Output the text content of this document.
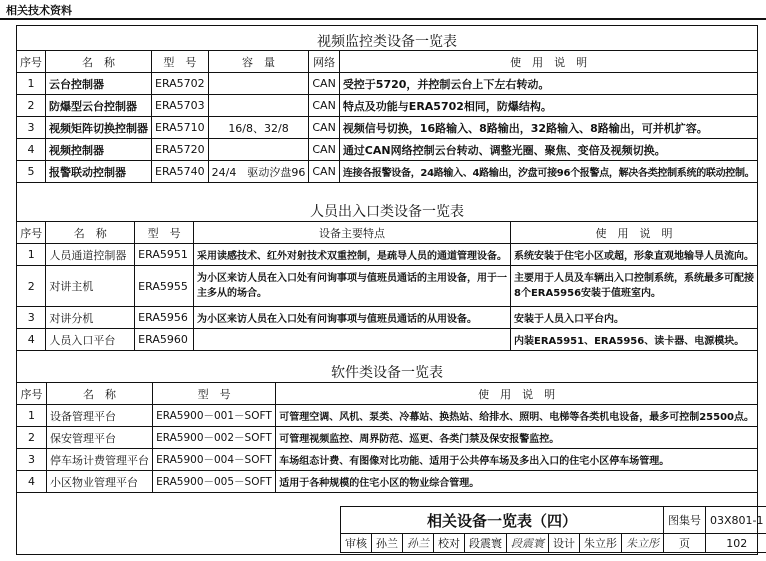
相关技术资料
视频监控类设备一览表
序号	名　称	型　号	容　量	网络	使　用　说　明
1	云台控制器	ERA5702		CAN	受控于5720，并控制云台上下左右转动。
2	防爆型云台控制器	ERA5703		CAN	特点及功能与ERA5702相同，防爆结构。
3	视频矩阵切换控制器	ERA5710	16/8、32/8	CAN	视频信号切换，16路输入、8路输出，32路输入、8路输出，可并机扩容。
4	视频控制器	ERA5720		CAN	通过CAN网络控制云台转动、调整光圈、聚焦、变倍及视频切换。
5	报警联动控制器	ERA5740	24/4　驱动汐盘96	CAN	连接各报警设备，24路输入、4路输出，汐盘可接96个报警点，解决各类控制系统的联动控制。
人员出入口类设备一览表
序号	名　称	型　号	设备主要特点	使　用　说　明
1	人员通道控制器	ERA5951	采用读感技术、红外对射技术双重控制，是疏导人员的通道管理设备。	系统安装于住宅小区或超，形象直观地输导人员流向。
2	对讲主机	ERA5955	为小区来访人员在入口处有问询事项与值班员通话的主用设备，用于一主多从的场合。	主要用于人员及车辆出入口控制系统，系统最多可配接8个ERA5956安装于值班室内。
3	对讲分机	ERA5956	为小区来访人员在入口处有问询事项与值班员通话的从用设备。	安装于人员入口平台内。
4	人员入口平台	ERA5960		内装ERA5951、ERA5956、读卡器、电源模块。
软件类设备一览表
序号	名　称	型　号	使　用　说　明
1	设备管理平台	ERA5900－001－SOFT	可管理空调、风机、泵类、冷幕站、换热站、给排水、照明、电梯等各类机电设备，最多可控制25500点。
2	保安管理平台	ERA5900－002－SOFT	可管理视频监控、周界防范、巡更、各类门禁及保安报警监控。
3	停车场计费管理平台	ERA5900－004－SOFT	车场组态计费、有图像对比功能、适用于公共停车场及多出入口的住宅小区停车场管理。
4	小区物业管理平台	ERA5900－005－SOFT	适用于各种规模的住宅小区的物业综合管理。
相关设备一览表（四）									图集号	03X801-1
审核	孙兰	孙兰	校对	段震寰	段震寰	设计	朱立彤	朱立彤	页	102
